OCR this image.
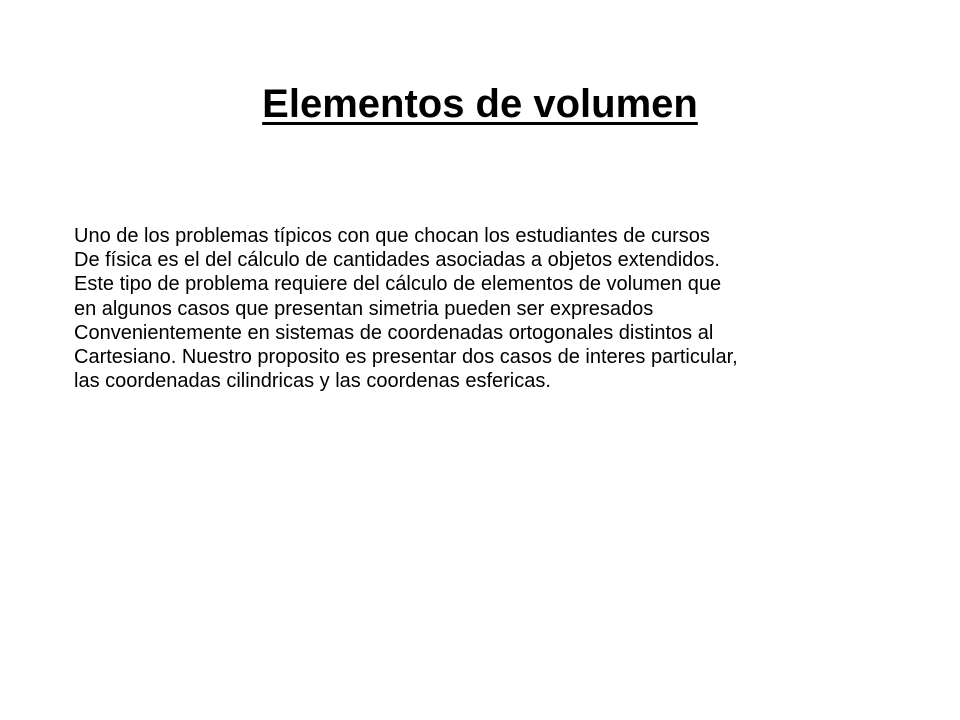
Elementos de volumen

Uno de los problemas típicos con que chocan los estudiantes de cursos
De física es el del cálculo de cantidades asociadas a objetos extendidos.
Este tipo de problema requiere del cálculo de elementos de volumen que
en algunos casos que presentan simetria pueden ser expresados
Convenientemente en sistemas de coordenadas ortogonales distintos al
Cartesiano. Nuestro proposito es presentar dos casos de interes particular,
las coordenadas cilindricas y las coordenas esfericas.
